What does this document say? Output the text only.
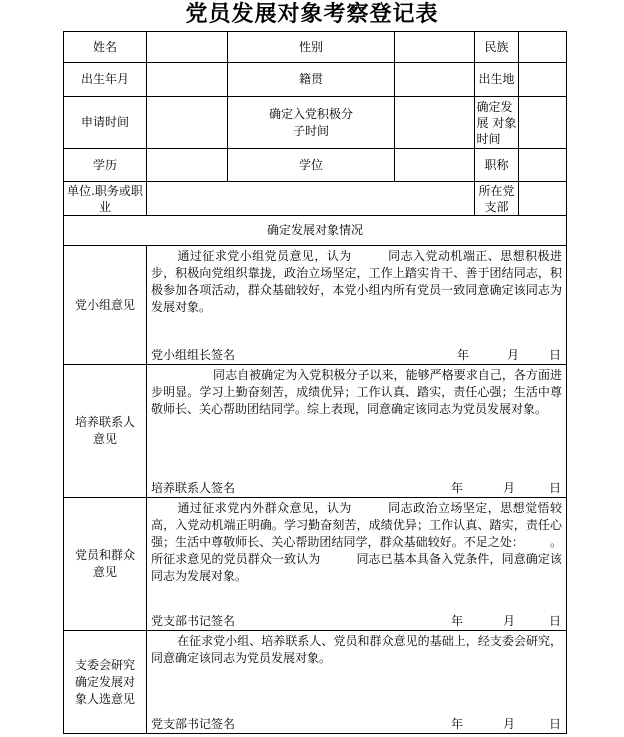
党员发展对象考察登记表
姓名		性别		民族	
出生年月		籍贯		出生地	
申请时间		确定入党积极分子时间		确定发展 对象时间	

学历		学位		职称	

单位.职务或职业				所在党支部	

确定发展对象情况					
党小组意见	通过征求党小组党员意见，认为 同志入党动机端正、思想积极进步，积极向党组织靠拢，政治立场坚定，工作上踏实肯干、善于团结同志，积极参加各项活动，群众基础较好，本党小组内所有党员一致同意确定该同志为发展对象。
党小组组长签名 年 月 日				

培养联系人意见	同志自被确定为入党积极分子以来，能够严格要求自己，各方面进步明显。学习上勤奋刻苦，成绩优异；工作认真、踏实，责任心强；生活中尊敬师长、关心帮助团结同学。综上表现，同意确定该同志为党员发展对象。
培养联系人签名 年 月 日				

党员和群众意见	通过征求党内外群众意见，认为 同志政治立场坚定，思想觉悟较高，入党动机端正明确。学习勤奋刻苦，成绩优异；工作认真、踏实，责任心强；生活中尊敬师长、关心帮助团结同学，群众基础较好。不足之处： 。所征求意见的党员群众一致认为 同志已基本具备入党条件，同意确定该同志为发展对象。
党支部书记签名 年 月 日				

支委会研究确定发展对象人选意见	在征求党小组、培养联系人、党员和群众意见的基础上，经支委会研究，同意确定该同志为党员发展对象。
党支部书记签名 年 月 日				
